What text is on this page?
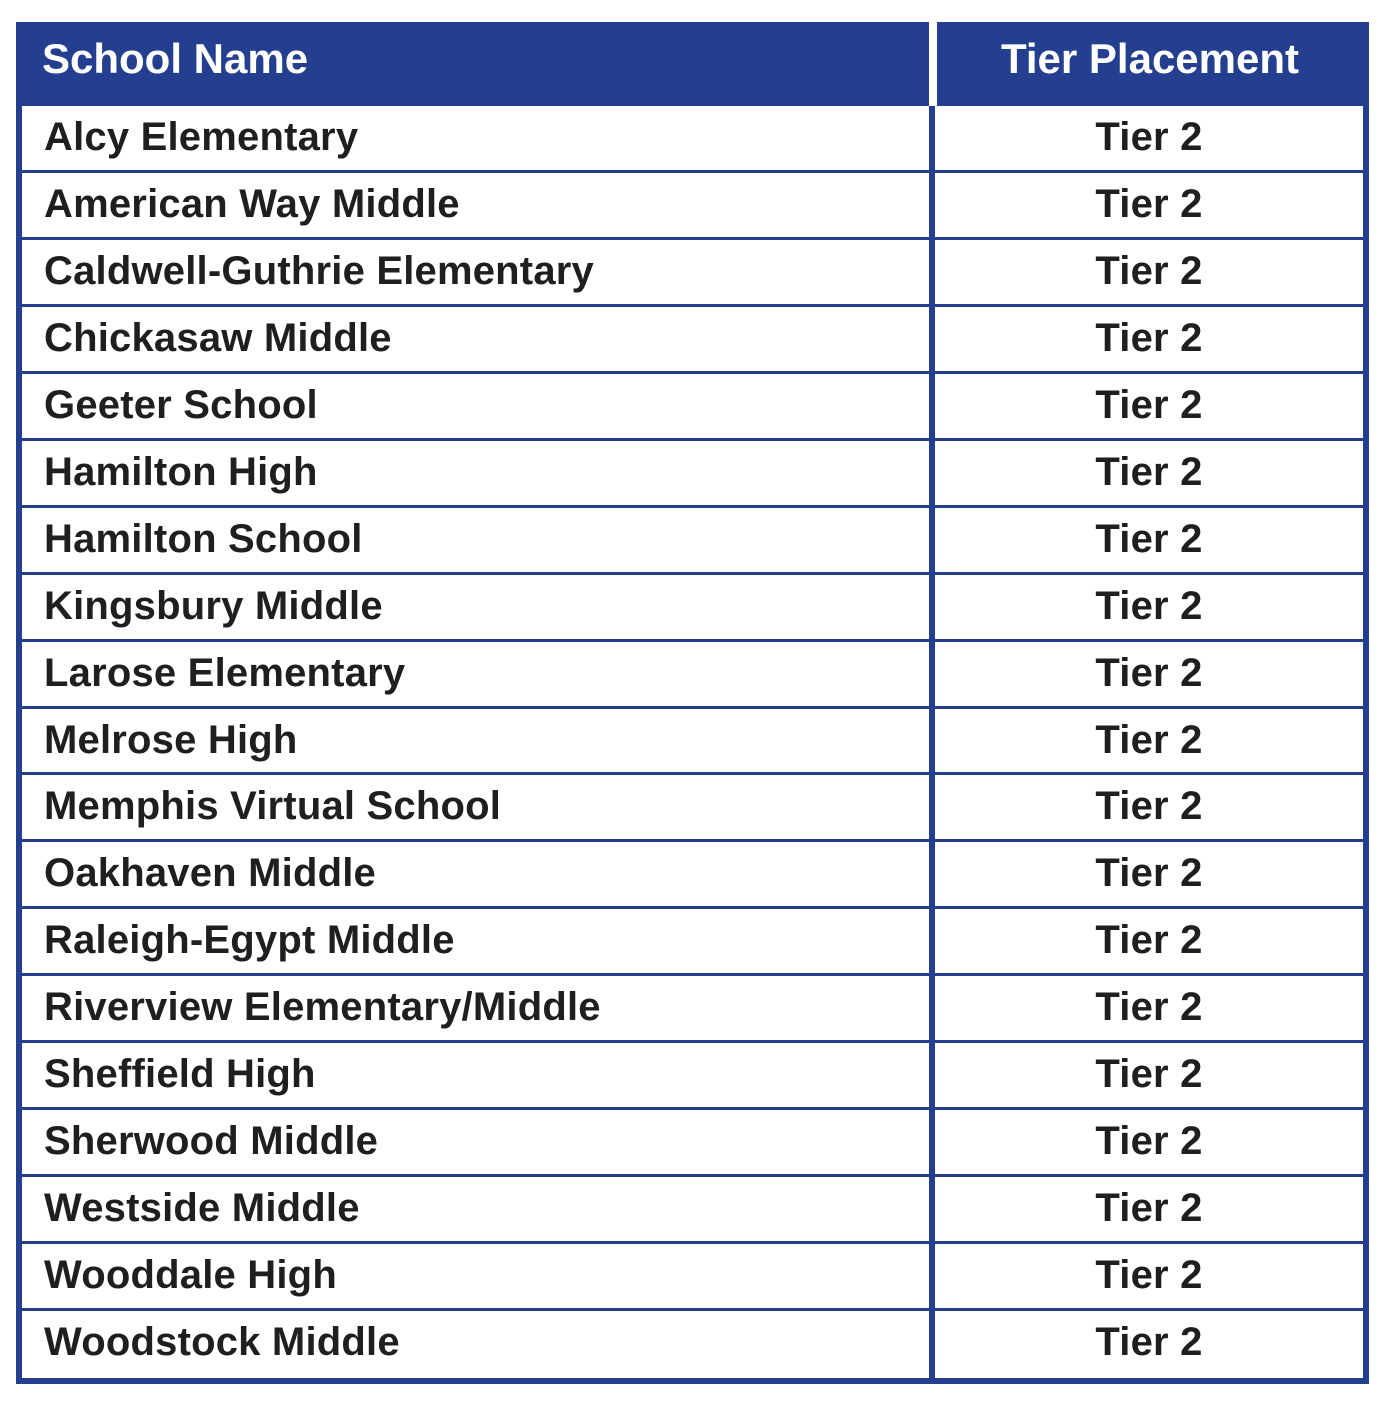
School Name	Tier Placement
Alcy Elementary	Tier 2
American Way Middle	Tier 2
Caldwell-Guthrie Elementary	Tier 2
Chickasaw Middle	Tier 2
Geeter School	Tier 2
Hamilton High	Tier 2
Hamilton School	Tier 2
Kingsbury Middle	Tier 2
Larose Elementary	Tier 2
Melrose High	Tier 2
Memphis Virtual School	Tier 2
Oakhaven Middle	Tier 2
Raleigh-Egypt Middle	Tier 2
Riverview Elementary/Middle	Tier 2
Sheffield High	Tier 2
Sherwood Middle	Tier 2
Westside Middle	Tier 2
Wooddale High	Tier 2
Woodstock Middle	Tier 2
